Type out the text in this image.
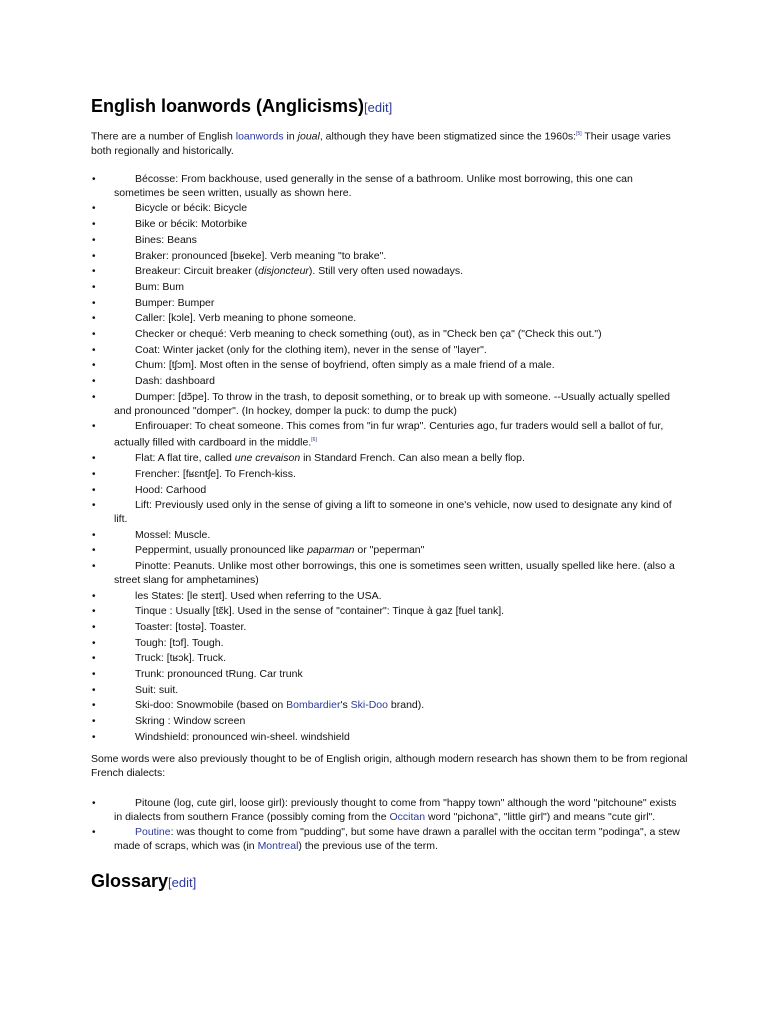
English loanwords (Anglicisms)[edit]

There are a number of English loanwords in joual, although they have been stigmatized since the 1960s:[5] Their usage varies both regionally and historically.

•	Bécosse: From backhouse, used generally in the sense of a bathroom. Unlike most borrowing, this one can sometimes be seen written, usually as shown here.
•	Bicycle or bécik: Bicycle
•	Bike or bécik: Motorbike
•	Bines: Beans
•	Braker: pronounced [bʁeke]. Verb meaning "to brake".
•	Breakeur: Circuit breaker (disjoncteur). Still very often used nowadays.
•	Bum: Bum
•	Bumper: Bumper
•	Caller: [kɔle]. Verb meaning to phone someone.
•	Checker or chequé: Verb meaning to check something (out), as in "Check ben ça" ("Check this out.")
•	Coat: Winter jacket (only for the clothing item), never in the sense of "layer".
•	Chum: [tʃɔm]. Most often in the sense of boyfriend, often simply as a male friend of a male.
•	Dash: dashboard
•	Dumper: [dɔ̃pe]. To throw in the trash, to deposit something, or to break up with someone. --Usually actually spelled and pronounced "domper". (In hockey, domper la puck: to dump the puck)
•	Enfirouaper: To cheat someone. This comes from "in fur wrap". Centuries ago, fur traders would sell a ballot of fur, actually filled with cardboard in the middle.[6]
•	Flat: A flat tire, called une crevaison in Standard French. Can also mean a belly flop.
•	Frencher: [fʁɛntʃe]. To French-kiss.
•	Hood: Carhood
•	Lift: Previously used only in the sense of giving a lift to someone in one's vehicle, now used to designate any kind of lift.
•	Mossel: Muscle.
•	Peppermint, usually pronounced like paparman or "peperman"
•	Pinotte: Peanuts. Unlike most other borrowings, this one is sometimes seen written, usually spelled like here. (also a street slang for amphetamines)
•	les States: [le steɪt]. Used when referring to the USA.
•	Tinque : Usually [tɛ̃k]. Used in the sense of "container": Tinque à gaz [fuel tank].
•	Toaster: [tostə]. Toaster.
•	Tough: [tɔf]. Tough.
•	Truck: [tʁɔk]. Truck.
•	Trunk: pronounced tRung. Car trunk
•	Suit: suit.
•	Ski-doo: Snowmobile (based on Bombardier's Ski-Doo brand).
•	Skring : Window screen
•	Windshield: pronounced win-sheel. windshield

Some words were also previously thought to be of English origin, although modern research has shown them to be from regional French dialects:

•	Pitoune (log, cute girl, loose girl): previously thought to come from "happy town" although the word "pitchoune" exists in dialects from southern France (possibly coming from the Occitan word "pichona", "little girl") and means "cute girl".
•	Poutine: was thought to come from "pudding", but some have drawn a parallel with the occitan term "podinga", a stew made of scraps, which was (in Montreal) the previous use of the term.
Glossary[edit]
